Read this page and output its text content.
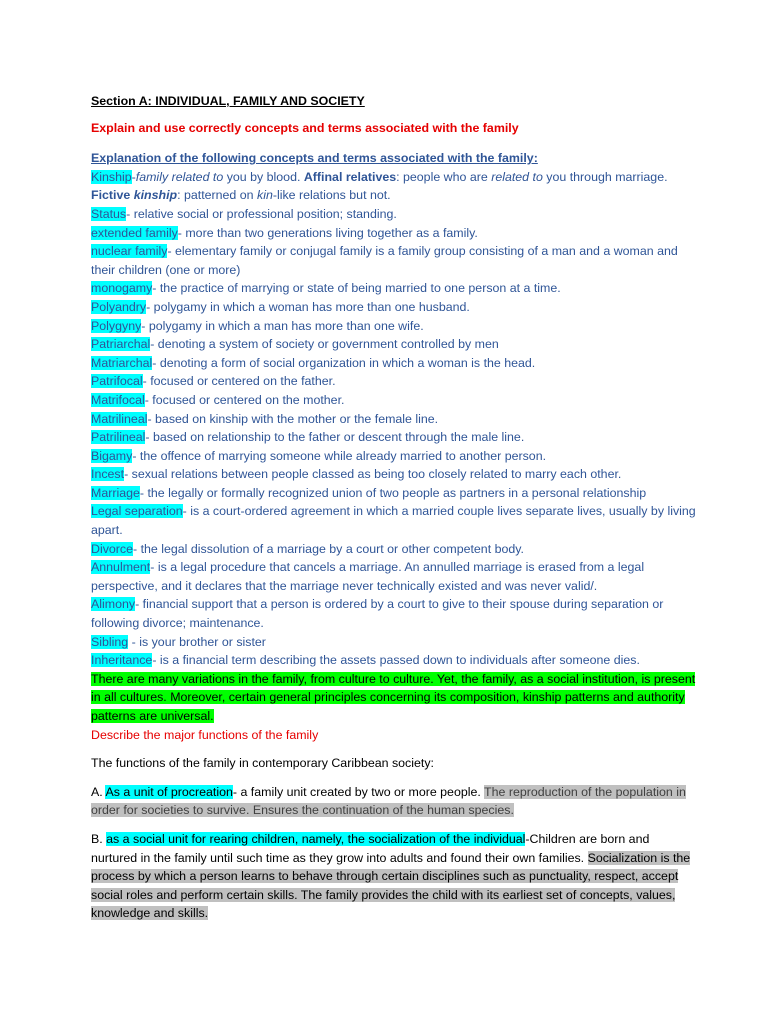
Section A: INDIVIDUAL, FAMILY AND SOCIETY

Explain and use correctly concepts and terms associated with the family

Explanation of the following concepts and terms associated with the family:

Kinship-family related to you by blood. Affinal relatives: people who are related to you through marriage. Fictive kinship: patterned on kin-like relations but not.

Status- relative social or professional position; standing.

extended family- more than two generations living together as a family.

nuclear family- elementary family or conjugal family is a family group consisting of a man and a woman and their children (one or more)

monogamy- the practice of marrying or state of being married to one person at a time.

Polyandry- polygamy in which a woman has more than one husband.

Polygyny- polygamy in which a man has more than one wife.

Patriarchal- denoting a system of society or government controlled by men

Matriarchal- denoting a form of social organization in which a woman is the head.

Patrifocal- focused or centered on the father.

Matrifocal- focused or centered on the mother.

Matrilineal- based on kinship with the mother or the female line.

Patrilineal- based on relationship to the father or descent through the male line.

Bigamy- the offence of marrying someone while already married to another person.

Incest- sexual relations between people classed as being too closely related to marry each other.

Marriage- the legally or formally recognized union of two people as partners in a personal relationship

Legal separation- is a court-ordered agreement in which a married couple lives separate lives, usually by living apart.

Divorce- the legal dissolution of a marriage by a court or other competent body.

Annulment- is a legal procedure that cancels a marriage. An annulled marriage is erased from a legal perspective, and it declares that the marriage never technically existed and was never valid/.

Alimony- financial support that a person is ordered by a court to give to their spouse during separation or following divorce; maintenance.

Sibling - is your brother or sister

Inheritance- is a financial term describing the assets passed down to individuals after someone dies.

There are many variations in the family, from culture to culture. Yet, the family, as a social institution, is present in all cultures. Moreover, certain general principles concerning its composition, kinship patterns and authority patterns are universal.

Describe the major functions of the family

The functions of the family in contemporary Caribbean society:

A. As a unit of procreation- a family unit created by two or more people. The reproduction of the population in order for societies to survive. Ensures the continuation of the human species.

B. as a social unit for rearing children, namely, the socialization of the individual-Children are born and nurtured in the family until such time as they grow into adults and found their own families. Socialization is the process by which a person learns to behave through certain disciplines such as punctuality, respect, accept social roles and perform certain skills. The family provides the child with its earliest set of concepts, values, knowledge and skills.
